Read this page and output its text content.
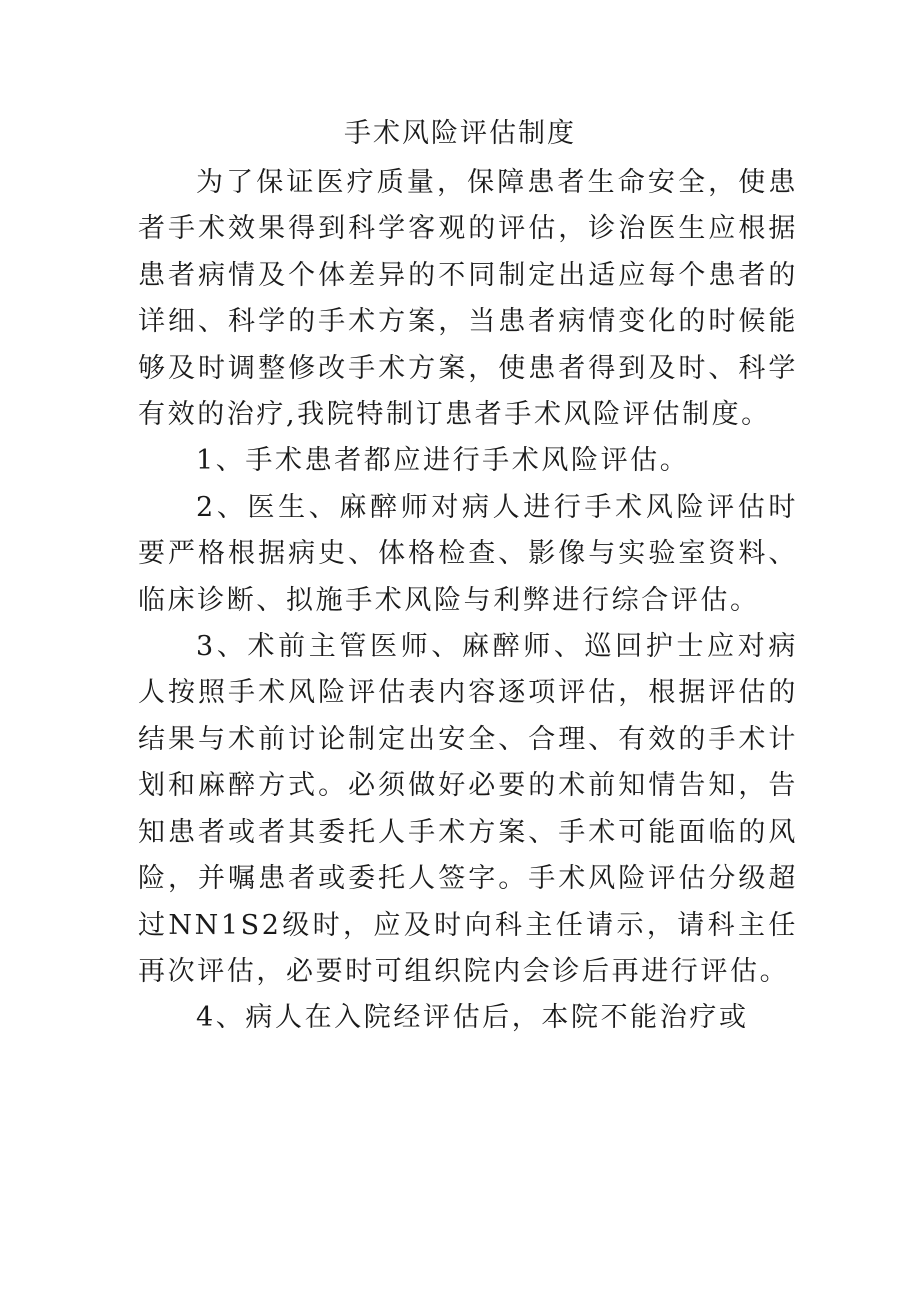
手术风险评估制度

为了保证医疗质量，保障患者生命安全，使患者手术效果得到科学客观的评估，诊治医生应根据患者病情及个体差异的不同制定出适应每个患者的详细、科学的手术方案，当患者病情变化的时候能够及时调整修改手术方案，使患者得到及时、科学有效的治疗,我院特制订患者手术风险评估制度。

1、手术患者都应进行手术风险评估。

2、医生、麻醉师对病人进行手术风险评估时要严格根据病史、体格检查、影像与实验室资料、临床诊断、拟施手术风险与利弊进行综合评估。

3、术前主管医师、麻醉师、巡回护士应对病人按照手术风险评估表内容逐项评估，根据评估的结果与术前讨论制定出安全、合理、有效的手术计划和麻醉方式。必须做好必要的术前知情告知，告知患者或者其委托人手术方案、手术可能面临的风险，并嘱患者或委托人签字。手术风险评估分级超过NN1S2级时，应及时向科主任请示，请科主任再次评估，必要时可组织院内会诊后再进行评估。

4、病人在入院经评估后，本院不能治疗或
